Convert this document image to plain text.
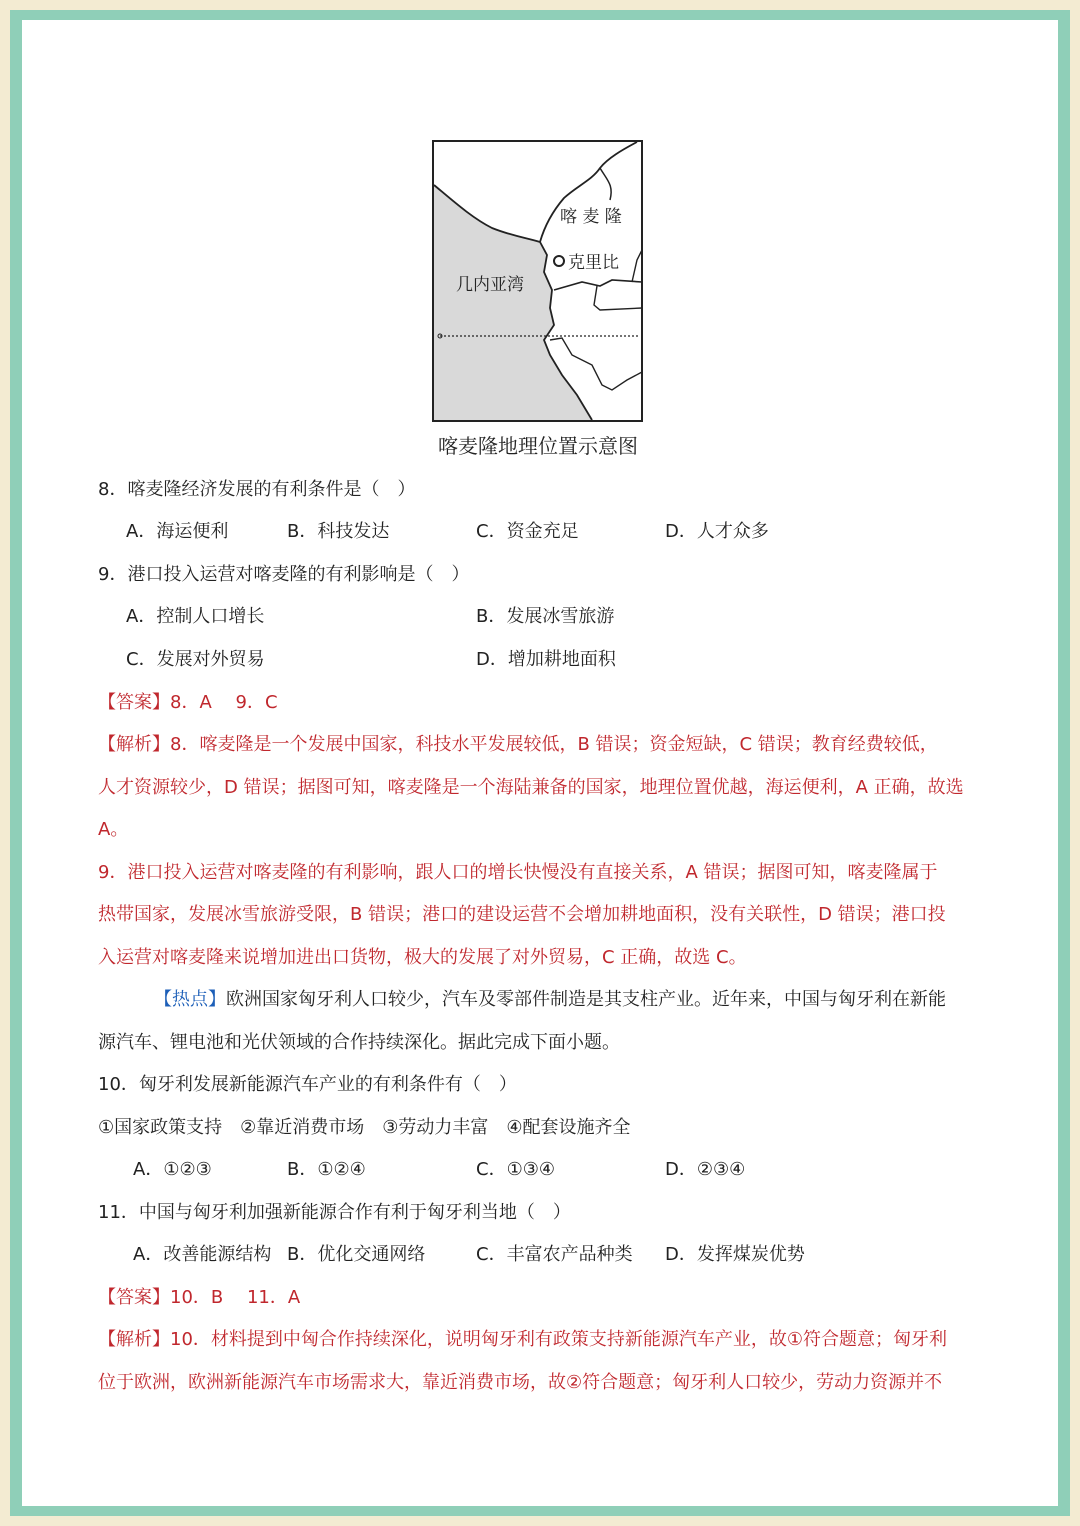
喀 麦 隆
克里比
几内亚湾
喀麦隆地理位置示意图
8．喀麦隆经济发展的有利条件是（　）
A．海运便利	B．科技发达	C．资金充足	D．人才众多
9．港口投入运营对喀麦隆的有利影响是（　）
A．控制人口增长	B．发展冰雪旅游
C．发展对外贸易	D．增加耕地面积
【答案】8．A　 9．C
【解析】8．喀麦隆是一个发展中国家，科技水平发展较低，B 错误；资金短缺，C 错误；教育经费较低，
人才资源较少，D 错误；据图可知，喀麦隆是一个海陆兼备的国家，地理位置优越，海运便利，A 正确，故选
A。
9．港口投入运营对喀麦隆的有利影响，跟人口的增长快慢没有直接关系，A 错误；据图可知，喀麦隆属于
热带国家，发展冰雪旅游受限，B 错误；港口的建设运营不会增加耕地面积，没有关联性，D 错误；港口投
入运营对喀麦隆来说增加进出口货物，极大的发展了对外贸易，C 正确，故选 C。
【热点】欧洲国家匈牙利人口较少，汽车及零部件制造是其支柱产业。近年来，中国与匈牙利在新能
源汽车、锂电池和光伏领域的合作持续深化。据此完成下面小题。
10．匈牙利发展新能源汽车产业的有利条件有（　）
①国家政策支持　②靠近消费市场　③劳动力丰富　④配套设施齐全
A．①②③	B．①②④	C．①③④	D．②③④
11．中国与匈牙利加强新能源合作有利于匈牙利当地（　）
A．改善能源结构 B．优化交通网络	C．丰富农产品种类 D．发挥煤炭优势
【答案】10．B　 11．A
【解析】10．材料提到中匈合作持续深化，说明匈牙利有政策支持新能源汽车产业，故①符合题意；匈牙利
位于欧洲，欧洲新能源汽车市场需求大，靠近消费市场，故②符合题意；匈牙利人口较少，劳动力资源并不
